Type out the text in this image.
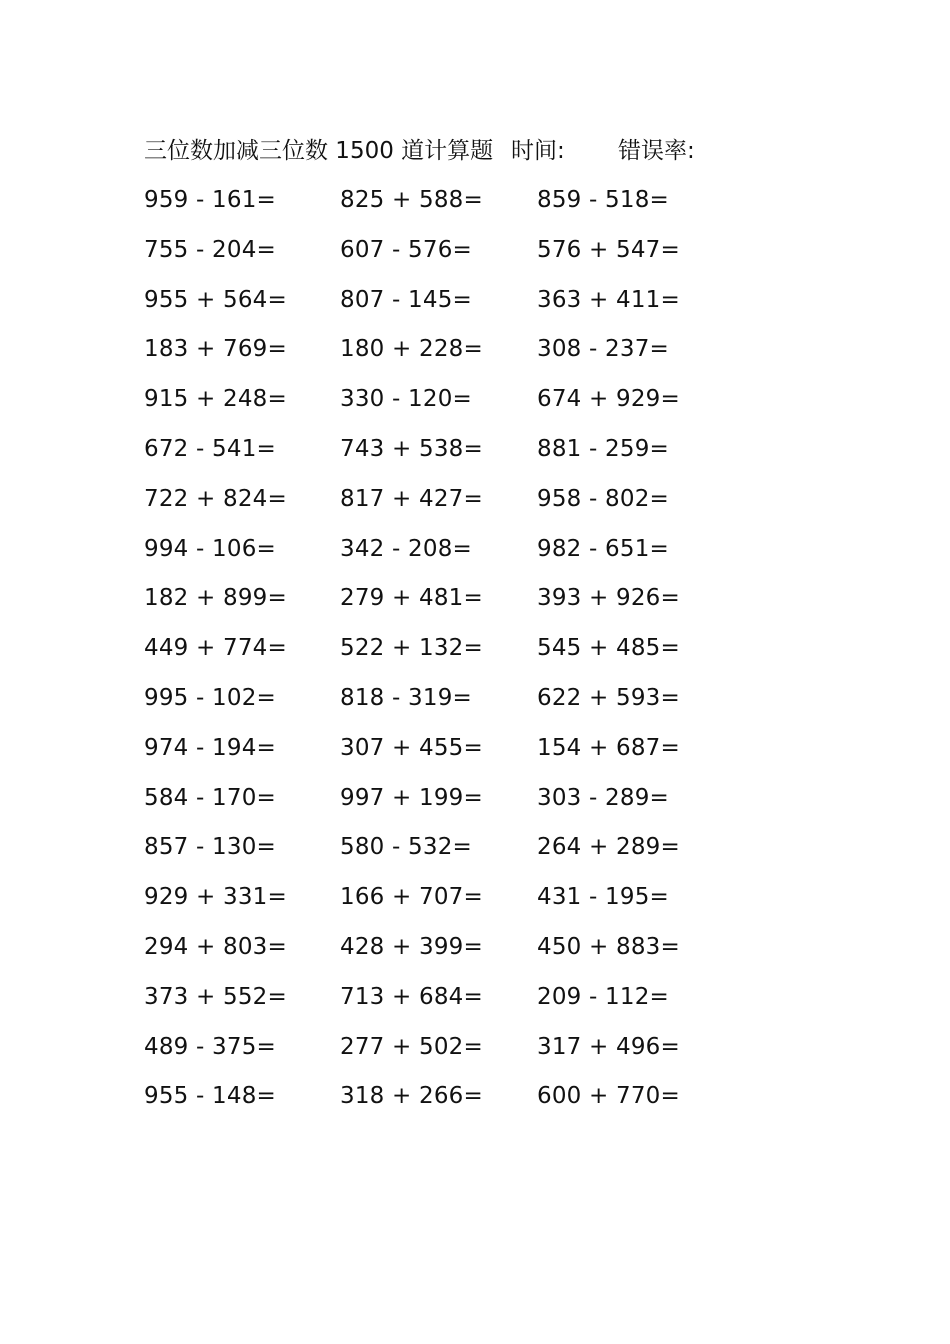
三位数加减三位数 1500 道计算题 时间: 错误率:
959 - 161=	825 + 588= 859 - 518=
755 - 204=	607 - 576=	576 + 547=
955 + 564= 807 - 145=	363 + 411=
183 + 769= 180 + 228= 308 - 237=
915 + 248= 330 - 120=	674 + 929=
672 - 541=	743 + 538= 881 - 259=
722 + 824= 817 + 427= 958 - 802=
994 - 106=	342 - 208=	982 - 651=
182 + 899= 279 + 481= 393 + 926=
449 + 774= 522 + 132= 545 + 485=
995 - 102=	818 - 319=	622 + 593=
974 - 194=	307 + 455= 154 + 687=
584 - 170=	997 + 199= 303 - 289=
857 - 130=	580 - 532=	264 + 289=
929 + 331= 166 + 707= 431 - 195=
294 + 803= 428 + 399= 450 + 883=
373 + 552= 713 + 684= 209 - 112=
489 - 375=	277 + 502= 317 + 496=
955 - 148=	318 + 266= 600 + 770=
